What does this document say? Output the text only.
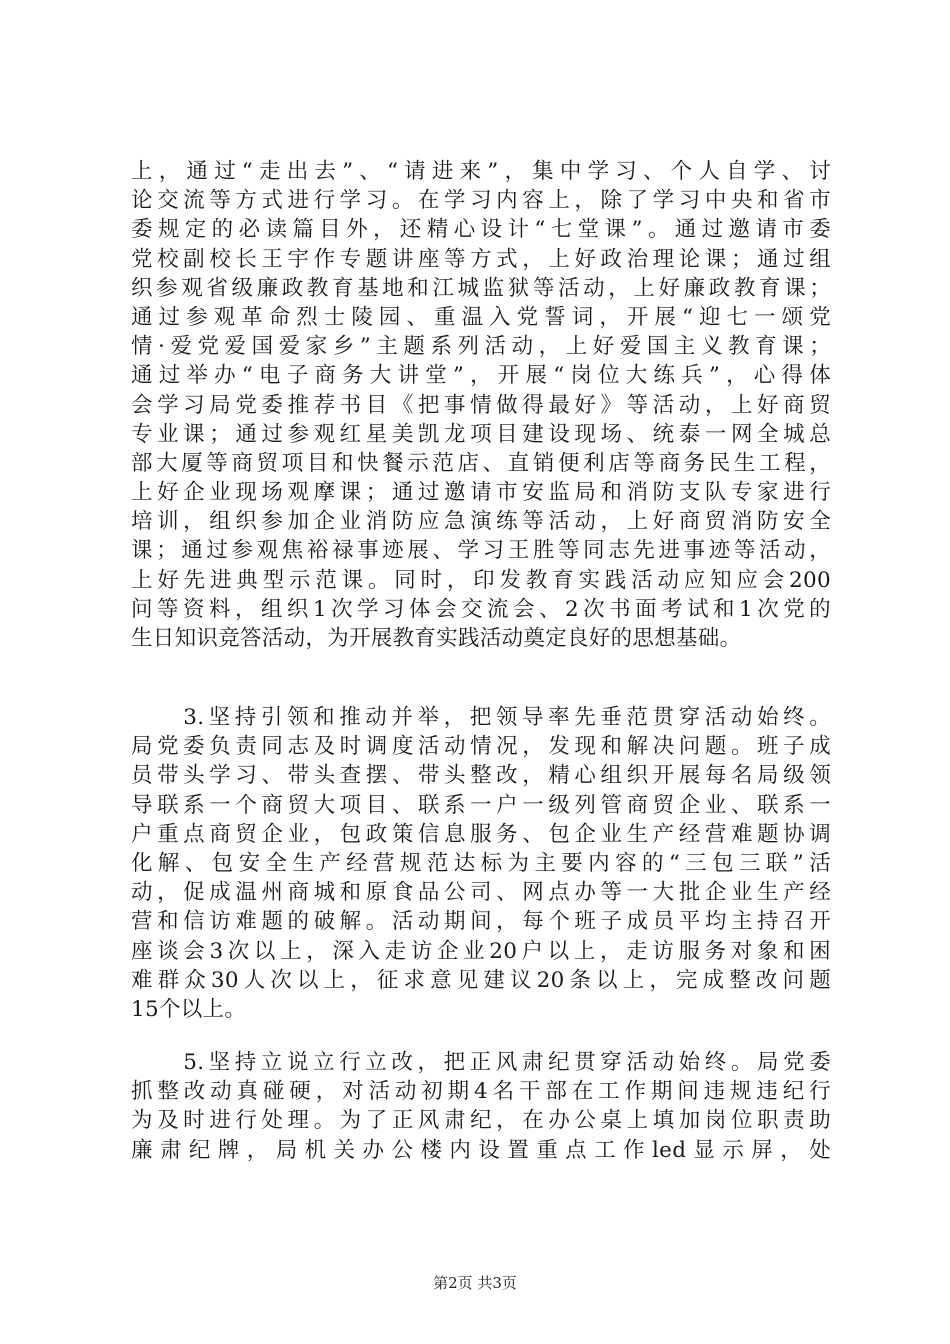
上，通过“走出去”、“请进来”，集中学习、个人自学、讨
论交流等方式进行学习。在学习内容上，除了学习中央和省市
委规定的必读篇目外，还精心设计“七堂课”。通过邀请市委
党校副校长王宇作专题讲座等方式，上好政治理论课；通过组
织参观省级廉政教育基地和江城监狱等活动，上好廉政教育课；
通过参观革命烈士陵园、重温入党誓词，开展“迎七一颂党
情·爱党爱国爱家乡”主题系列活动，上好爱国主义教育课；
通过举办“电子商务大讲堂”，开展“岗位大练兵”，心得体
会学习局党委推荐书目《把事情做得最好》等活动，上好商贸
专业课；通过参观红星美凯龙项目建设现场、统泰一网全城总
部大厦等商贸项目和快餐示范店、直销便利店等商务民生工程，
上好企业现场观摩课；通过邀请市安监局和消防支队专家进行
培训，组织参加企业消防应急演练等活动，上好商贸消防安全
课；通过参观焦裕禄事迹展、学习王胜等同志先进事迹等活动，
上好先进典型示范课。同时，印发教育实践活动应知应会200
问等资料，组织1次学习体会交流会、2次书面考试和1次党的
生日知识竞答活动，为开展教育实践活动奠定良好的思想基础。
　　3.坚持引领和推动并举，把领导率先垂范贯穿活动始终。
局党委负责同志及时调度活动情况，发现和解决问题。班子成
员带头学习、带头查摆、带头整改，精心组织开展每名局级领
导联系一个商贸大项目、联系一户一级列管商贸企业、联系一
户重点商贸企业，包政策信息服务、包企业生产经营难题协调
化解、包安全生产经营规范达标为主要内容的“三包三联”活
动，促成温州商城和原食品公司、网点办等一大批企业生产经
营和信访难题的破解。活动期间，每个班子成员平均主持召开
座谈会3次以上，深入走访企业20户以上，走访服务对象和困
难群众30人次以上，征求意见建议20条以上，完成整改问题
15个以上。
　　5.坚持立说立行立改，把正风肃纪贯穿活动始终。局党委
抓整改动真碰硬，对活动初期4名干部在工作期间违规违纪行
为及时进行处理。为了正风肃纪，在办公桌上填加岗位职责助
廉肃纪牌，局机关办公楼内设置重点工作led显示屏，处
第2页 共3页
